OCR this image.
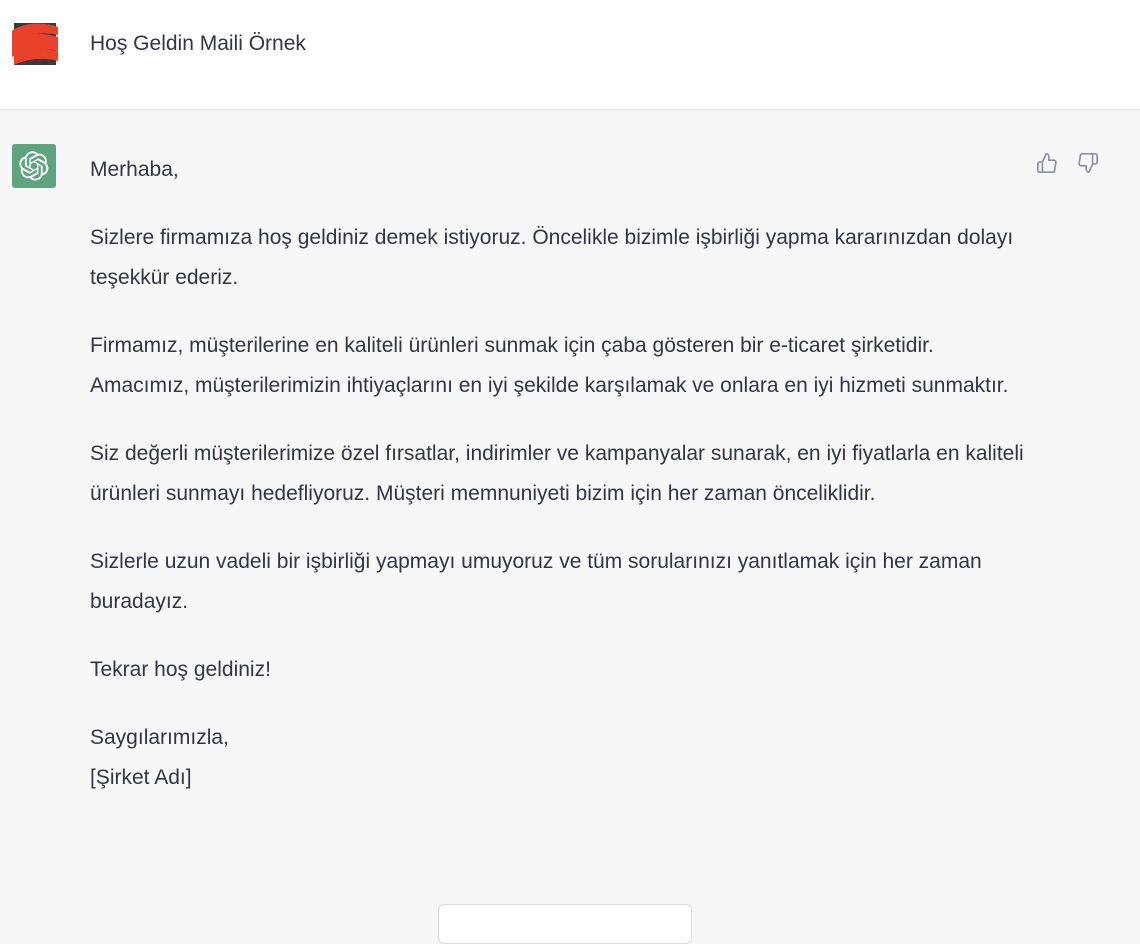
Hoş Geldin Maili Örnek

Merhaba,

Sizlere firmamıza hoş geldiniz demek istiyoruz. Öncelikle bizimle işbirliği yapma kararınızdan dolayı teşekkür ederiz.

Firmamız, müşterilerine en kaliteli ürünleri sunmak için çaba gösteren bir e-ticaret şirketidir. Amacımız, müşterilerimizin ihtiyaçlarını en iyi şekilde karşılamak ve onlara en iyi hizmeti sunmaktır.

Siz değerli müşterilerimize özel fırsatlar, indirimler ve kampanyalar sunarak, en iyi fiyatlarla en kaliteli ürünleri sunmayı hedefliyoruz. Müşteri memnuniyeti bizim için her zaman önceliklidir.

Sizlerle uzun vadeli bir işbirliği yapmayı umuyoruz ve tüm sorularınızı yanıtlamak için her zaman buradayız.

Tekrar hoş geldiniz!

Saygılarımızla,

[Şirket Adı]
